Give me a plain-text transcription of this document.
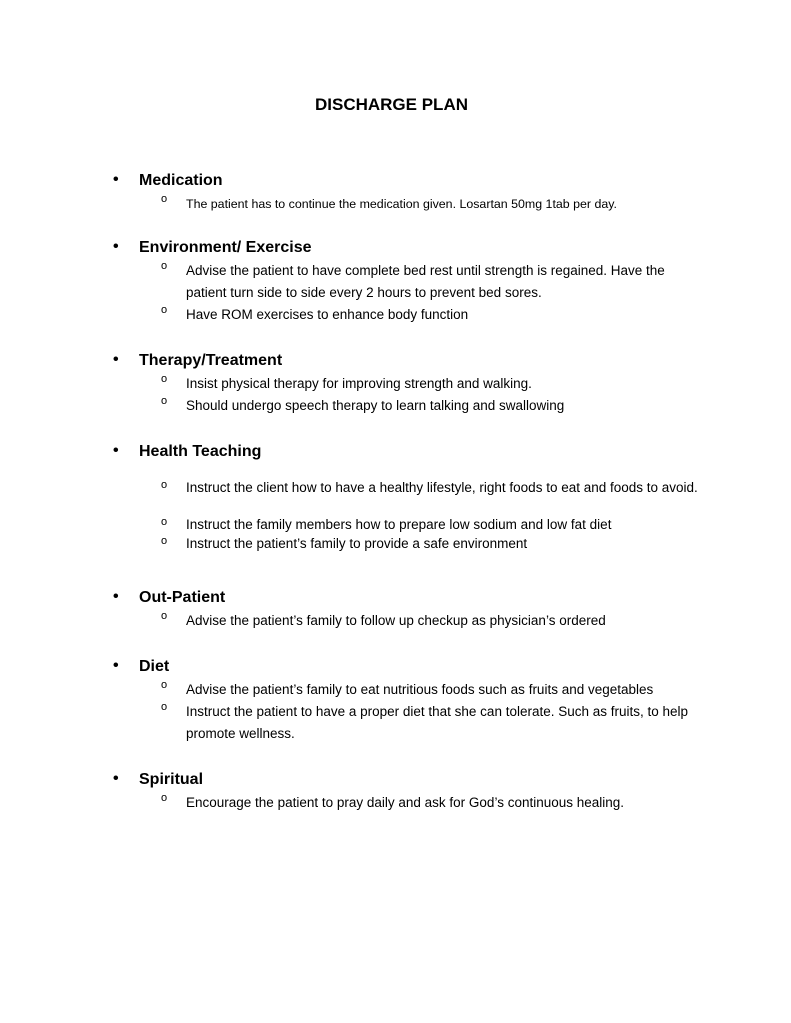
DISCHARGE PLAN
• Medication
o The patient has to continue the medication given. Losartan 50mg 1tab per day.
• Environment/ Exercise
o Advise the patient to have complete bed rest until strength is regained. Have the patient turn side to side every 2 hours to prevent bed sores.
o Have ROM exercises to enhance body function
• Therapy/Treatment
o Insist physical therapy for improving strength and walking.
o Should undergo speech therapy to learn talking and swallowing
• Health Teaching
o Instruct the client how to have a healthy lifestyle, right foods to eat and foods to avoid.
o Instruct the family members how to prepare low sodium and low fat diet
o Instruct the patient’s family to provide a safe environment
• Out-Patient
o Advise the patient’s family to follow up checkup as physician’s ordered
• Diet
o Advise the patient’s family to eat nutritious foods such as fruits and vegetables
o Instruct the patient to have a proper diet that she can tolerate. Such as fruits, to help promote wellness.
• Spiritual
o Encourage the patient to pray daily and ask for God’s continuous healing.
